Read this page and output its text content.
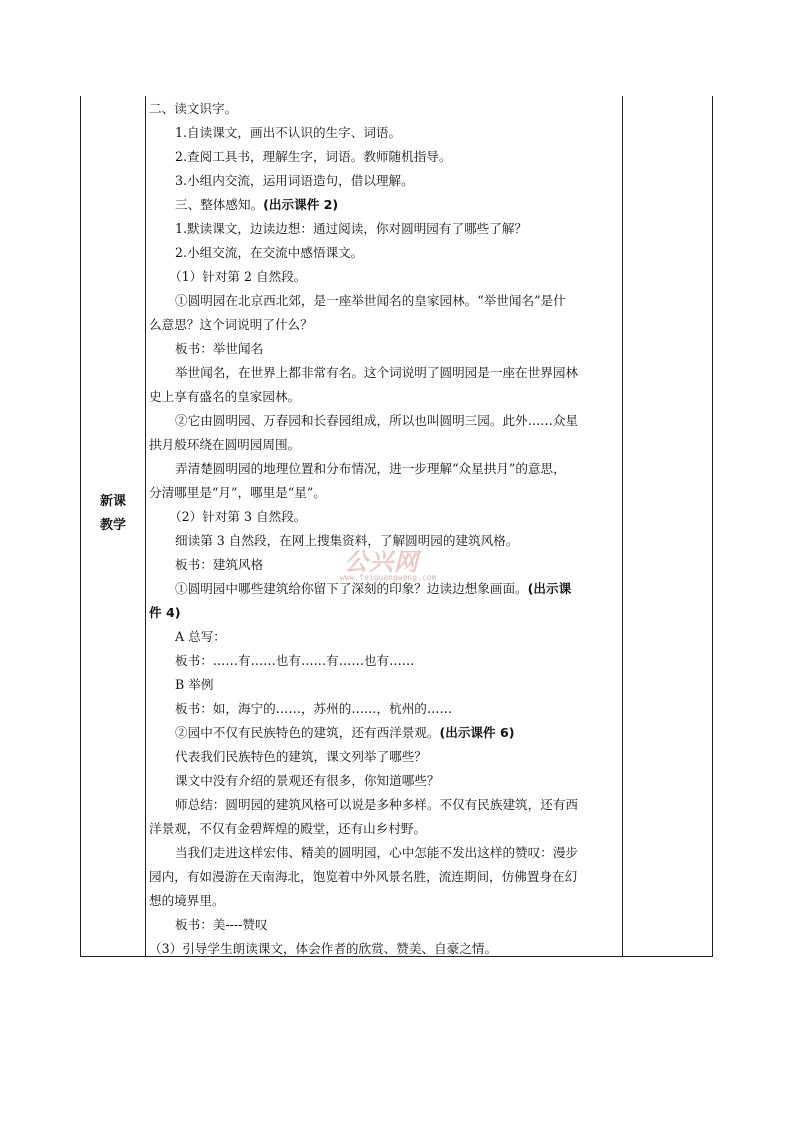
新课
教学
二、读文识字。
1.自读课文，画出不认识的生字、词语。
2.查阅工具书，理解生字，词语。教师随机指导。
3.小组内交流，运用词语造句，借以理解。
三、整体感知。(出示课件 2)
1.默读课文，边读边想：通过阅读，你对圆明园有了哪些了解？
2.小组交流，在交流中感悟课文。
（1）针对第 2 自然段。
①圆明园在北京西北郊，是一座举世闻名的皇家园林。“举世闻名”是什
么意思？这个词说明了什么？
板书：举世闻名
举世闻名，在世界上都非常有名。这个词说明了圆明园是一座在世界园林
史上享有盛名的皇家园林。
②它由圆明园、万春园和长春园组成，所以也叫圆明三园。此外……众星
拱月般环绕在圆明园周围。
弄清楚圆明园的地理位置和分布情况，进一步理解“众星拱月”的意思，
分清哪里是“月”，哪里是“星”。
（2）针对第 3 自然段。
细读第 3 自然段，在网上搜集资料，了解圆明园的建筑风格。
板书：建筑风格
①圆明园中哪些建筑给你留下了深刻的印象？边读边想象画面。(出示课
件 4)
A 总写：
板书：……有……也有……有……也有……
B 举例
板书：如，海宁的……，苏州的……，杭州的……
②园中不仅有民族特色的建筑，还有西洋景观。(出示课件 6)
代表我们民族特色的建筑，课文列举了哪些？
课文中没有介绍的景观还有很多，你知道哪些？
师总结：圆明园的建筑风格可以说是多种多样。不仅有民族建筑，还有西
洋景观，不仅有金碧辉煌的殿堂，还有山乡村野。
当我们走进这样宏伟、精美的圆明园，心中怎能不发出这样的赞叹：漫步
园内，有如漫游在天南海北，饱览着中外风景名胜，流连期间，仿佛置身在幻
想的境界里。
板书：美----赞叹
（3）引导学生朗读课文，体会作者的欣赏、赞美、自豪之情。
公兴网
www.feiguangwang.com
